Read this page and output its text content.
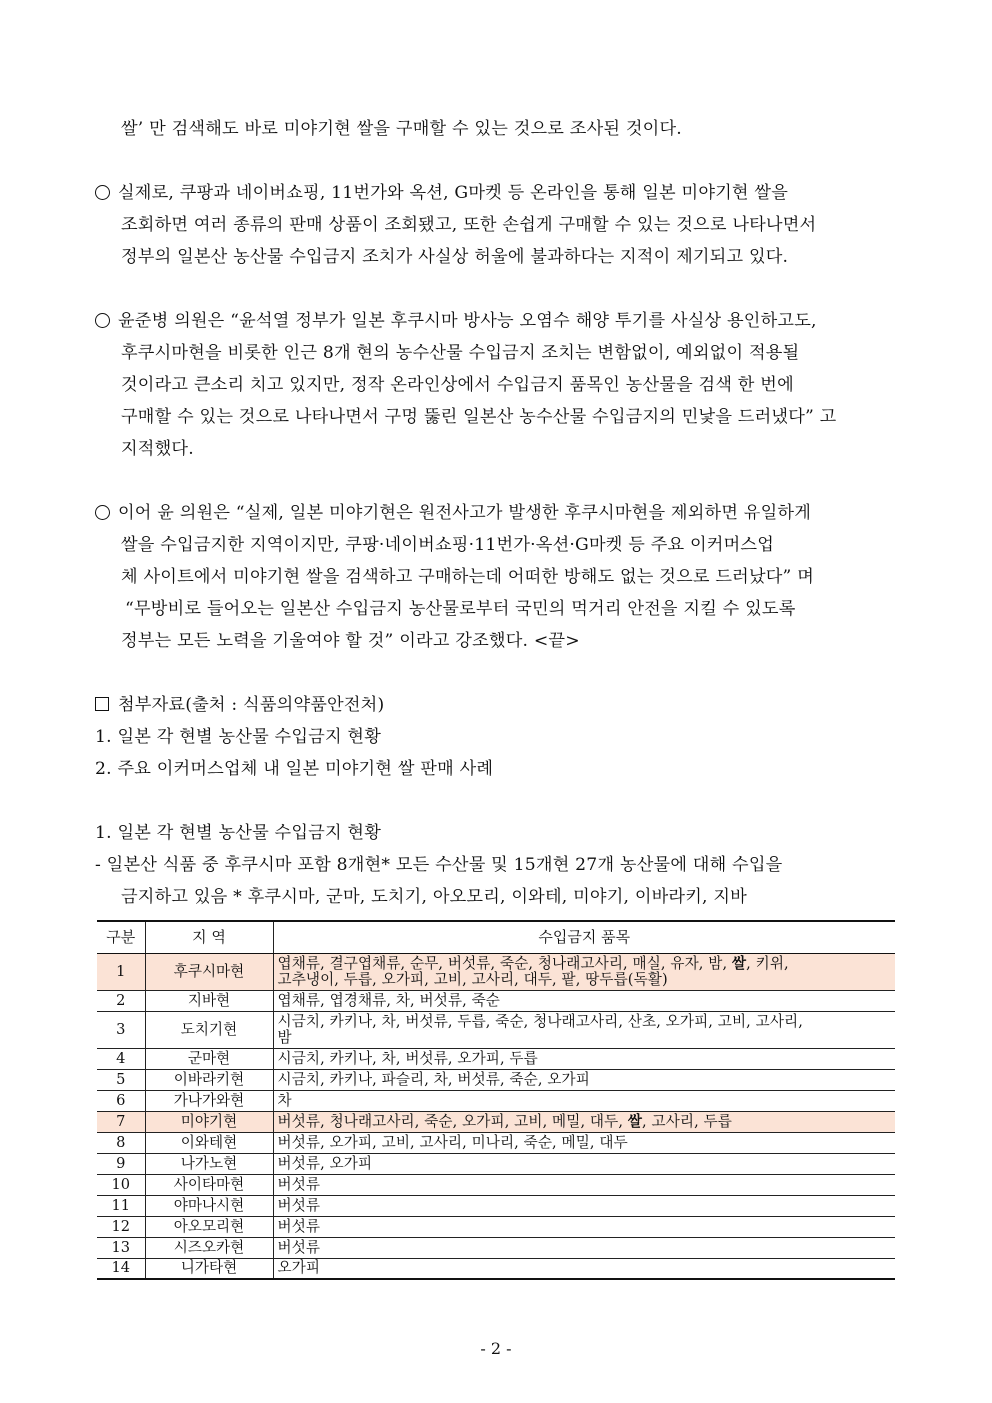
쌀’ 만 검색해도 바로 미야기현 쌀을 구매할 수 있는 것으로 조사된 것이다.
실제로, 쿠팡과 네이버쇼핑, 11번가와 옥션, G마켓 등 온라인을 통해 일본 미야기현 쌀을
조회하면 여러 종류의 판매 상품이 조회됐고, 또한 손쉽게 구매할 수 있는 것으로 나타나면서
정부의 일본산 농산물 수입금지 조치가 사실상 허울에 불과하다는 지적이 제기되고 있다.
윤준병 의원은 “윤석열 정부가 일본 후쿠시마 방사능 오염수 해양 투기를 사실상 용인하고도,
후쿠시마현을 비롯한 인근 8개 현의 농수산물 수입금지 조치는 변함없이, 예외없이 적용될
것이라고 큰소리 치고 있지만, 정작 온라인상에서 수입금지 품목인 농산물을 검색 한 번에
구매할 수 있는 것으로 나타나면서 구멍 뚫린 일본산 농수산물 수입금지의 민낯을 드러냈다” 고
지적했다.
이어 윤 의원은 “실제, 일본 미야기현은 원전사고가 발생한 후쿠시마현을 제외하면 유일하게
쌀을 수입금지한 지역이지만, 쿠팡·네이버쇼핑·11번가·옥션·G마켓 등 주요 이커머스업
체 사이트에서 미야기현 쌀을 검색하고 구매하는데 어떠한 방해도 없는 것으로 드러났다” 며
“무방비로 들어오는 일본산 수입금지 농산물로부터 국민의 먹거리 안전을 지킬 수 있도록
정부는 모든 노력을 기울여야 할 것” 이라고 강조했다. <끝>
첨부자료(출처 : 식품의약품안전처)
1. 일본 각 현별 농산물 수입금지 현황
2. 주요 이커머스업체 내 일본 미야기현 쌀 판매 사례
1. 일본 각 현별 농산물 수입금지 현황
- 일본산 식품 중 후쿠시마 포함 8개현* 모든 수산물 및 15개현 27개 농산물에 대해 수입을
금지하고 있음 * 후쿠시마, 군마, 도치기, 아오모리, 이와테, 미야기, 이바라키, 지바
구분	지 역	수입금지 품목
1	후쿠시마현	엽채류, 결구엽채류, 순무, 버섯류, 죽순, 청나래고사리, 매실, 유자, 밤, 쌀, 키위,
고추냉이, 두릅, 오가피, 고비, 고사리, 대두, 팥, 땅두릅(독활)
2	지바현	엽채류, 엽경채류, 차, 버섯류, 죽순
3	도치기현	시금치, 카키나, 차, 버섯류, 두릅, 죽순, 청나래고사리, 산초, 오가피, 고비, 고사리,
밤
4	군마현	시금치, 카키나, 차, 버섯류, 오가피, 두릅
5	이바라키현	시금치, 카키나, 파슬리, 차, 버섯류, 죽순, 오가피
6	가나가와현	차
7	미야기현	버섯류, 청나래고사리, 죽순, 오가피, 고비, 메밀, 대두, 쌀, 고사리, 두릅
8	이와테현	버섯류, 오가피, 고비, 고사리, 미나리, 죽순, 메밀, 대두
9	나가노현	버섯류, 오가피
10	사이타마현	버섯류
11	야마나시현	버섯류
12	아오모리현	버섯류
13	시즈오카현	버섯류
14	니가타현	오가피
- 2 -
